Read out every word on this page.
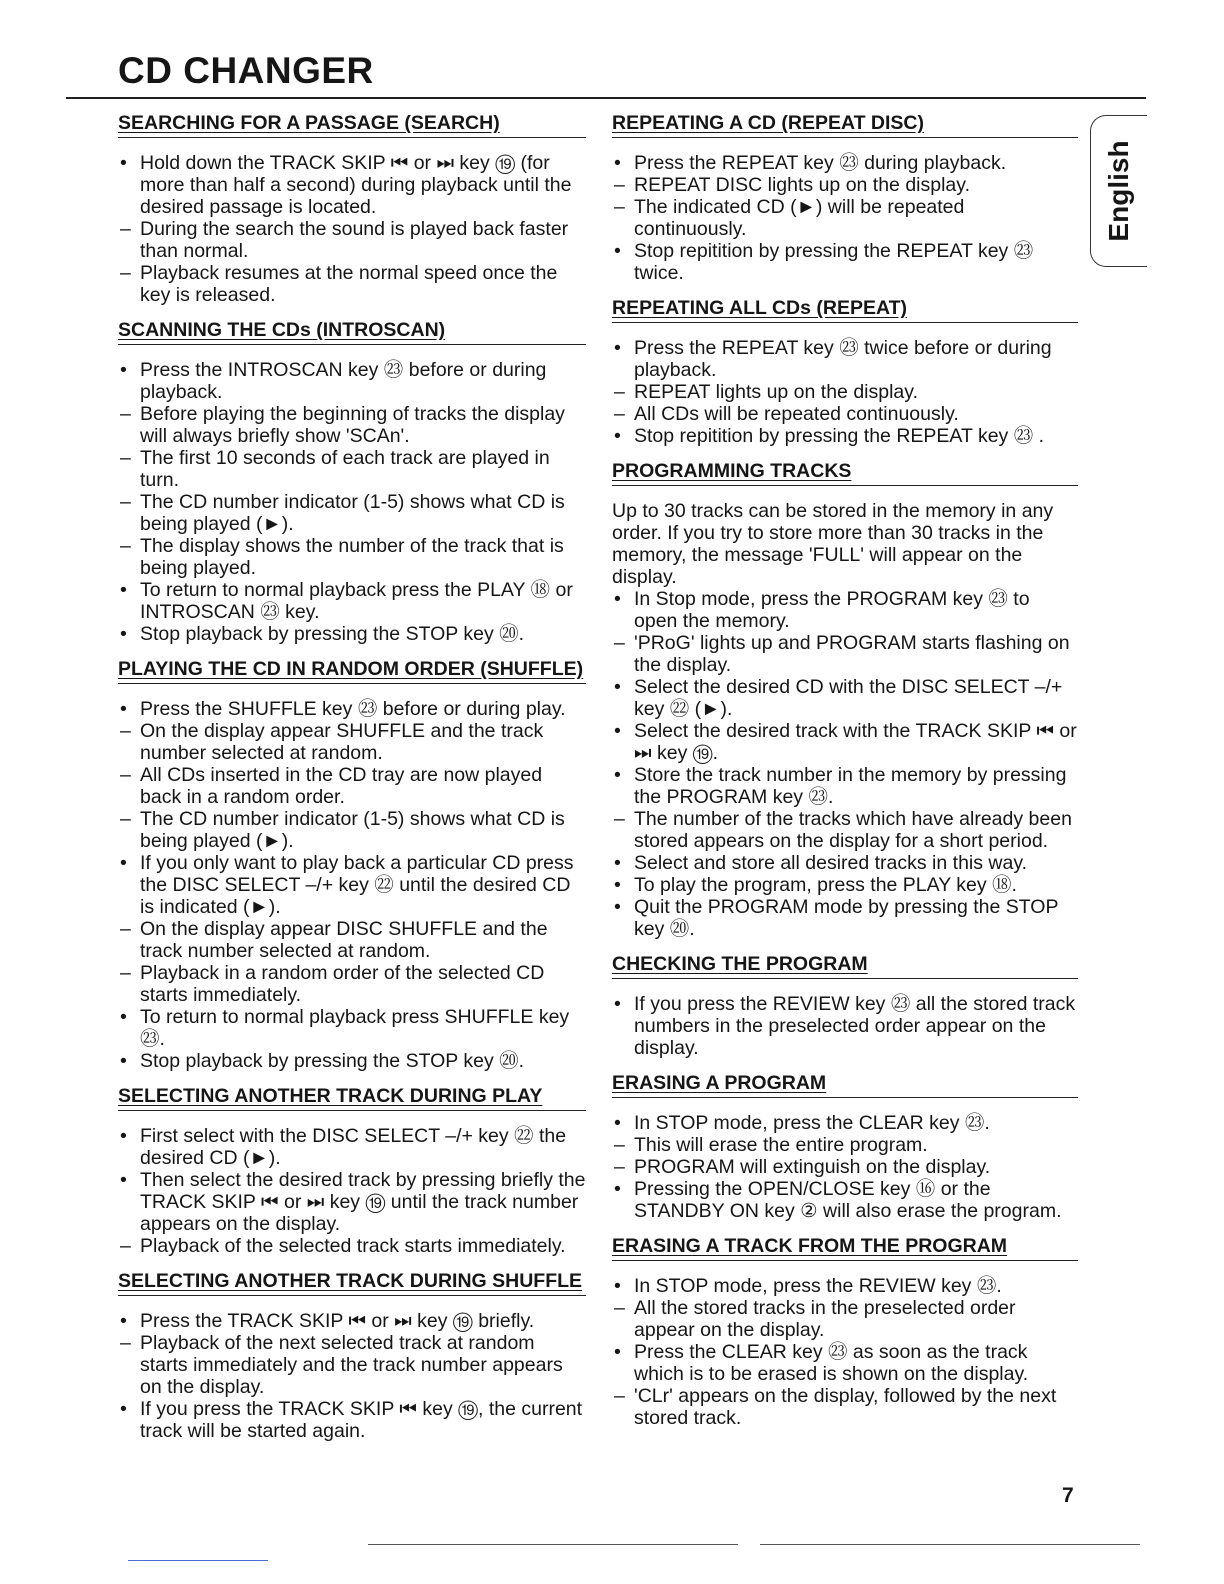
CD CHANGER
English
SEARCHING FOR A PASSAGE (SEARCH)
• Hold down the TRACK SKIP ⏮ or ⏭ key ⑲ (for more than half a second) during playback until the desired passage is located.
– During the search the sound is played back faster than normal.
– Playback resumes at the normal speed once the key is released.
SCANNING THE CDs (INTROSCAN)
• Press the INTROSCAN key ㉓ before or during playback.
– Before playing the beginning of tracks the display will always briefly show 'SCAn'.
– The first 10 seconds of each track are played in turn.
– The CD number indicator (1-5) shows what CD is being played (►).
– The display shows the number of the track that is being played.
• To return to normal playback press the PLAY ⑱ or INTROSCAN ㉓ key.
• Stop playback by pressing the STOP key ⑳.
PLAYING THE CD IN RANDOM ORDER (SHUFFLE)
• Press the SHUFFLE key ㉓ before or during play.
– On the display appear SHUFFLE and the track number selected at random.
– All CDs inserted in the CD tray are now played back in a random order.
– The CD number indicator (1-5) shows what CD is being played (►).
• If you only want to play back a particular CD press the DISC SELECT –/+ key ㉒ until the desired CD is indicated (►).
– On the display appear DISC SHUFFLE and the track number selected at random.
– Playback in a random order of the selected CD starts immediately.
• To return to normal playback press SHUFFLE key ㉓.
• Stop playback by pressing the STOP key ⑳.
SELECTING ANOTHER TRACK DURING PLAY
• First select with the DISC SELECT –/+ key ㉒ the desired CD (►).
• Then select the desired track by pressing briefly the TRACK SKIP ⏮ or ⏭ key ⑲ until the track number appears on the display.
– Playback of the selected track starts immediately.
SELECTING ANOTHER TRACK DURING SHUFFLE
• Press the TRACK SKIP ⏮ or ⏭ key ⑲ briefly.
– Playback of the next selected track at random starts immediately and the track number appears on the display.
• If you press the TRACK SKIP ⏮ key ⑲, the current track will be started again.
REPEATING A CD (REPEAT DISC)
• Press the REPEAT key ㉓ during playback.
– REPEAT DISC lights up on the display.
– The indicated CD (►) will be repeated continuously.
• Stop repitition by pressing the REPEAT key ㉓ twice.
REPEATING ALL CDs (REPEAT)
• Press the REPEAT key ㉓ twice before or during playback.
– REPEAT lights up on the display.
– All CDs will be repeated continuously.
• Stop repitition by pressing the REPEAT key ㉓ .
PROGRAMMING TRACKS

Up to 30 tracks can be stored in the memory in any order. If you try to store more than 30 tracks in the memory, the message 'FULL' will appear on the display.

• In Stop mode, press the PROGRAM key ㉓ to open the memory.
– 'PRoG' lights up and PROGRAM starts flashing on the display.
• Select the desired CD with the DISC SELECT –/+ key ㉒ (►).
• Select the desired track with the TRACK SKIP ⏮ or ⏭ key ⑲.
• Store the track number in the memory by pressing the PROGRAM key ㉓.
– The number of the tracks which have already been stored appears on the display for a short period.
• Select and store all desired tracks in this way.
• To play the program, press the PLAY key ⑱.
• Quit the PROGRAM mode by pressing the STOP key ⑳.
CHECKING THE PROGRAM
• If you press the REVIEW key ㉓ all the stored track numbers in the preselected order appear on the display.
ERASING A PROGRAM
• In STOP mode, press the CLEAR key ㉓.
– This will erase the entire program.
– PROGRAM will extinguish on the display.
• Pressing the OPEN/CLOSE key ⑯ or the STANDBY ON key ② will also erase the program.
ERASING A TRACK FROM THE PROGRAM
• In STOP mode, press the REVIEW key ㉓.
– All the stored tracks in the preselected order appear on the display.
• Press the CLEAR key ㉓ as soon as the track which is to be erased is shown on the display.
– 'CLr' appears on the display, followed by the next stored track.
7
